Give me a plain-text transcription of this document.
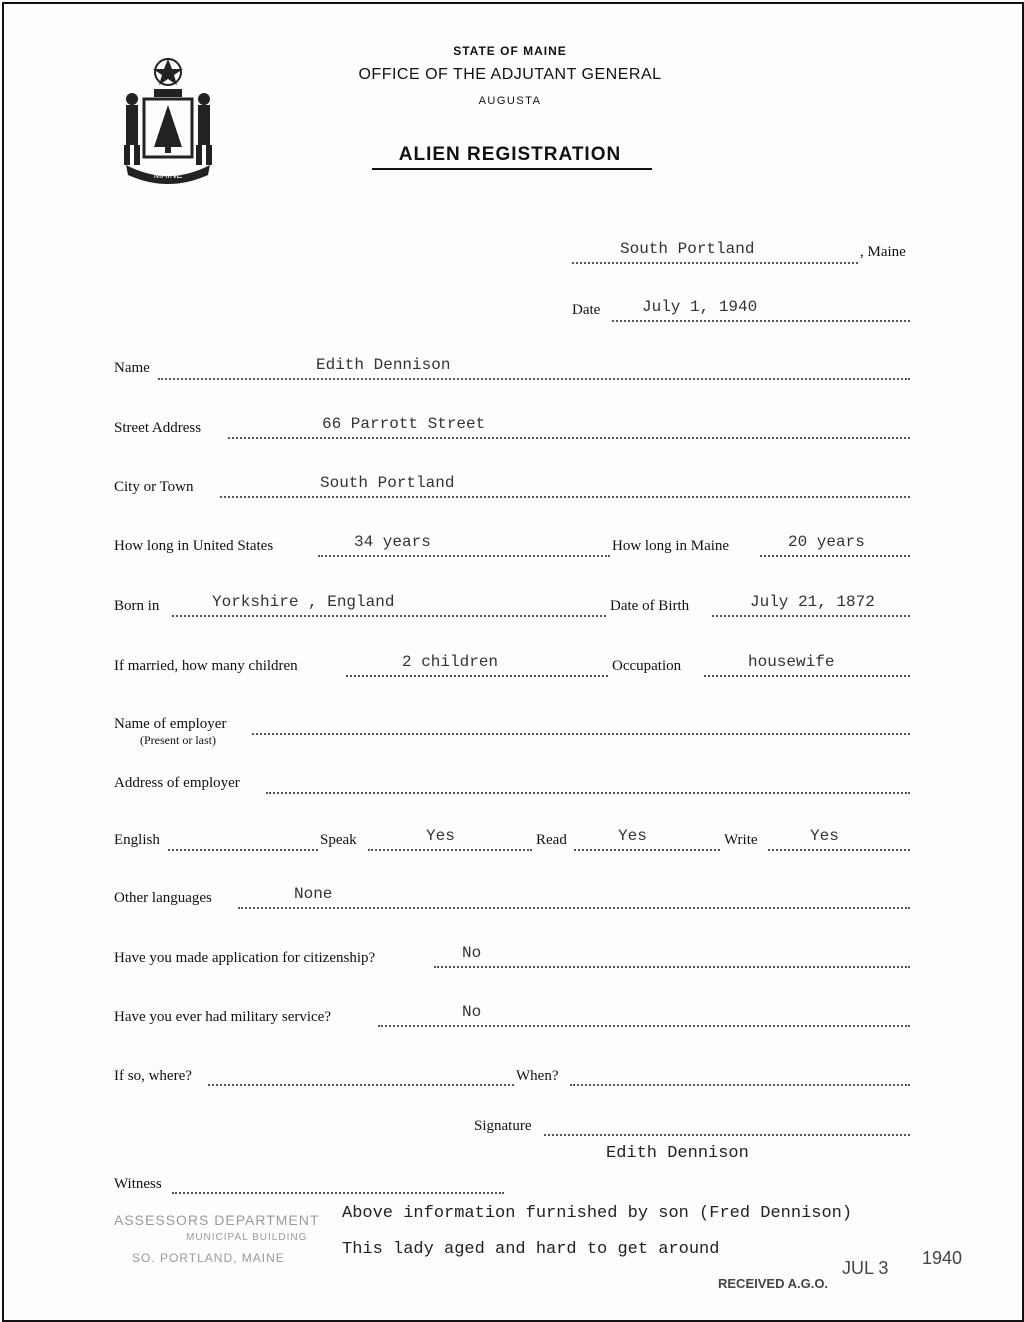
MAINE
STATE OF MAINE
OFFICE OF THE ADJUTANT GENERAL
AUGUSTA
ALIEN REGISTRATION
South Portland	, Maine
Date	July 1, 1940
Name	Edith Dennison
Street Address	66 Parrott Street
City or Town	South Portland
How long in United States	34 years	How long in Maine	20 years
Born in	Yorkshire , England	Date of Birth	July 21, 1872
If married, how many children	2 children	Occupation	housewife
Name of employer
(Present or last)
Address of employer
English	Speak	Yes	Read	Yes	Write	Yes
Other languages	None
Have you made application for citizenship?	No
Have you ever had military service?	No
If so, where?	When?
Signature
Edith Dennison
Witness
ASSESSORS DEPARTMENT
MUNICIPAL BUILDING
SO. PORTLAND, MAINE
Above information furnished by son (Fred Dennison)
This lady aged and hard to get around
RECEIVED A.G.O.
JUL 3 1940
